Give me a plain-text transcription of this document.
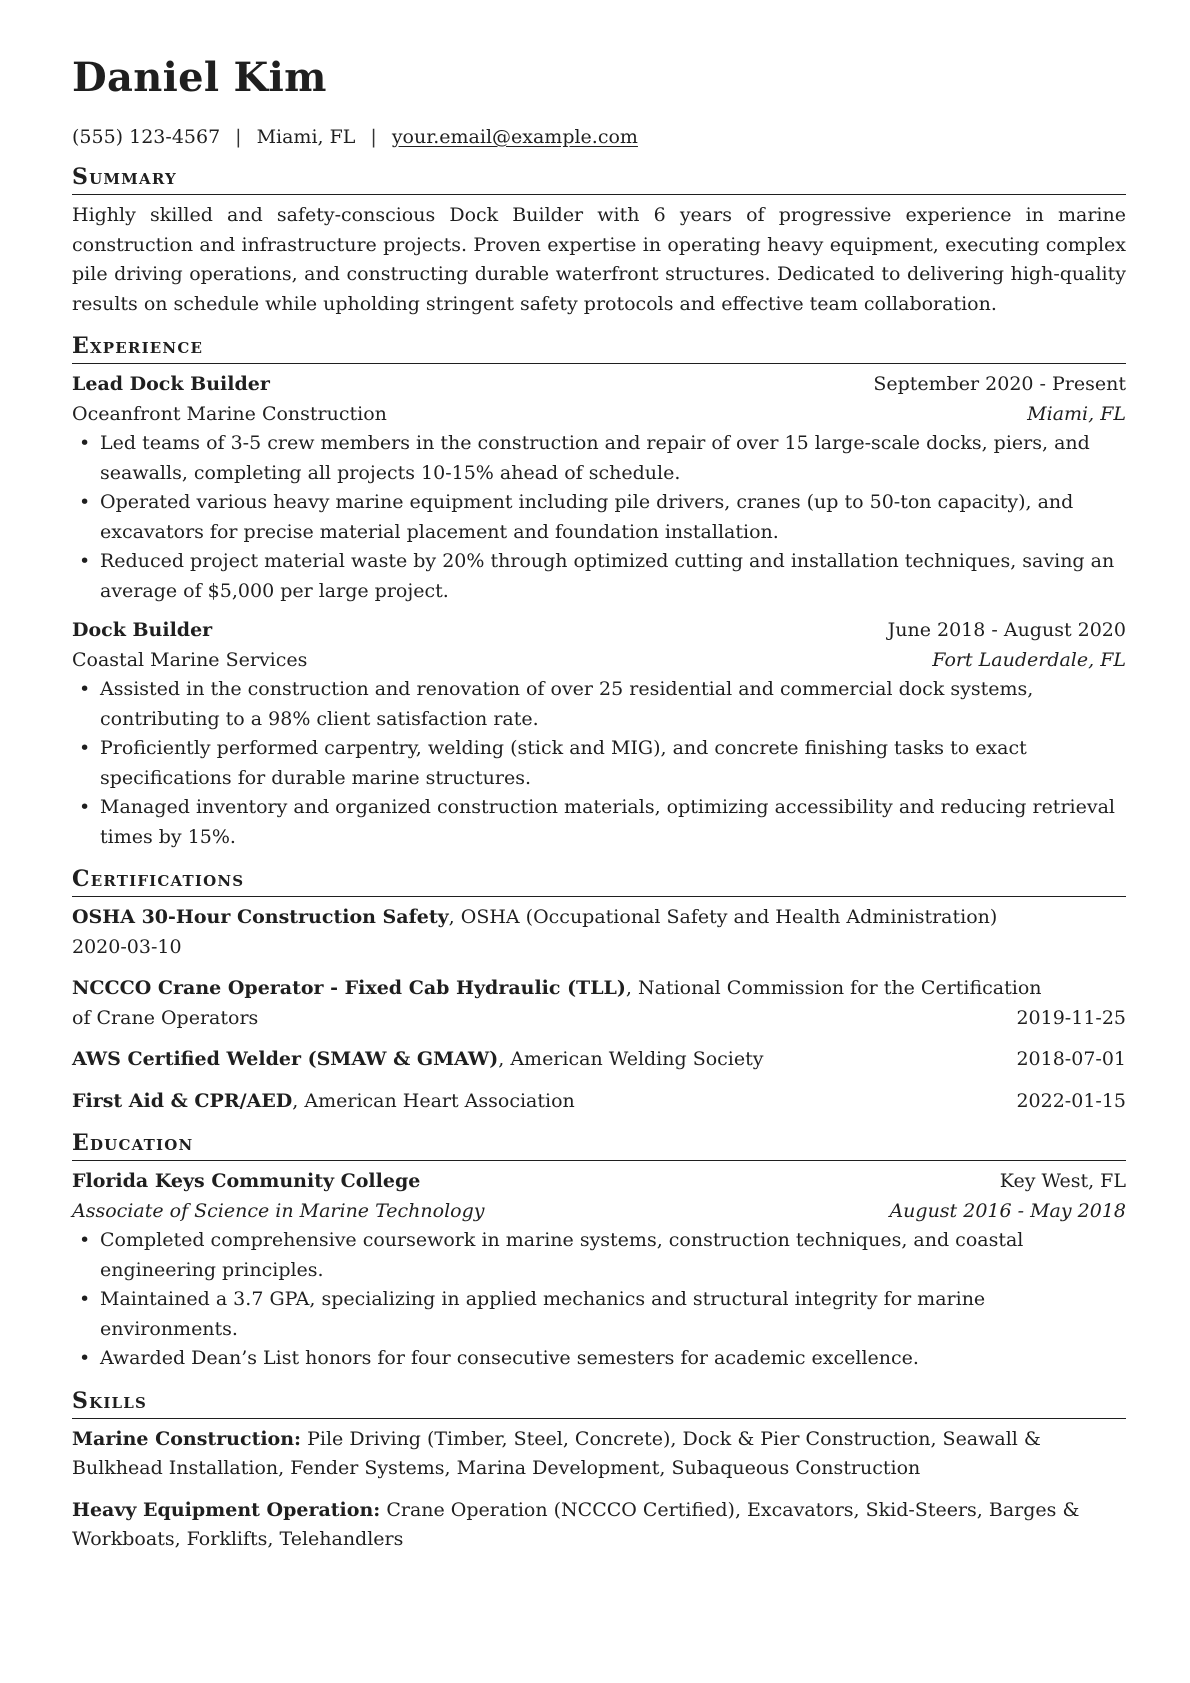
Daniel Kim
(555) 123-4567 | Miami, FL | your.email@example.com
Summary

Highly skilled and safety-conscious Dock Builder with 6 years of progressive experience in marine construction and infrastructure projects. Proven expertise in operating heavy equipment, executing complex pile driving operations, and constructing durable waterfront structures. Dedicated to delivering high-quality results on schedule while upholding stringent safety protocols and effective team collaboration.

Experience
Lead Dock Builder	September 2020 - Present
Oceanfront Marine Construction	Miami, FL
• Led teams of 3-5 crew members in the construction and repair of over 15 large-scale docks, piers, and seawalls, completing all projects 10-15% ahead of schedule.
• Operated various heavy marine equipment including pile drivers, cranes (up to 50-ton capacity), and excavators for precise material placement and foundation installation.
• Reduced project material waste by 20% through optimized cutting and installation techniques, saving an average of $5,000 per large project.
Dock Builder	June 2018 - August 2020
Coastal Marine Services	Fort Lauderdale, FL
• Assisted in the construction and renovation of over 25 residential and commercial dock systems, contributing to a 98% client satisfaction rate.
• Proficiently performed carpentry, welding (stick and MIG), and concrete finishing tasks to exact specifications for durable marine structures.
• Managed inventory and organized construction materials, optimizing accessibility and reducing retrieval times by 15%.
Certifications
OSHA 30-Hour Construction Safety, OSHA (Occupational Safety and Health Administration)
2020-03-10
NCCCO Crane Operator - Fixed Cab Hydraulic (TLL), National Commission for the Certification
of Crane Operators	2019-11-25
AWS Certified Welder (SMAW & GMAW), American Welding Society	2018-07-01
First Aid & CPR/AED, American Heart Association	2022-01-15
Education
Florida Keys Community College	Key West, FL
Associate of Science in Marine Technology	August 2016 - May 2018
• Completed comprehensive coursework in marine systems, construction techniques, and coastal engineering principles.
• Maintained a 3.7 GPA, specializing in applied mechanics and structural integrity for marine environments.
• Awarded Dean’s List honors for four consecutive semesters for academic excellence.
Skills
Marine Construction: Pile Driving (Timber, Steel, Concrete), Dock & Pier Construction, Seawall & Bulkhead Installation, Fender Systems, Marina Development, Subaqueous Construction
Heavy Equipment Operation: Crane Operation (NCCCO Certified), Excavators, Skid-Steers, Barges & Workboats, Forklifts, Telehandlers
